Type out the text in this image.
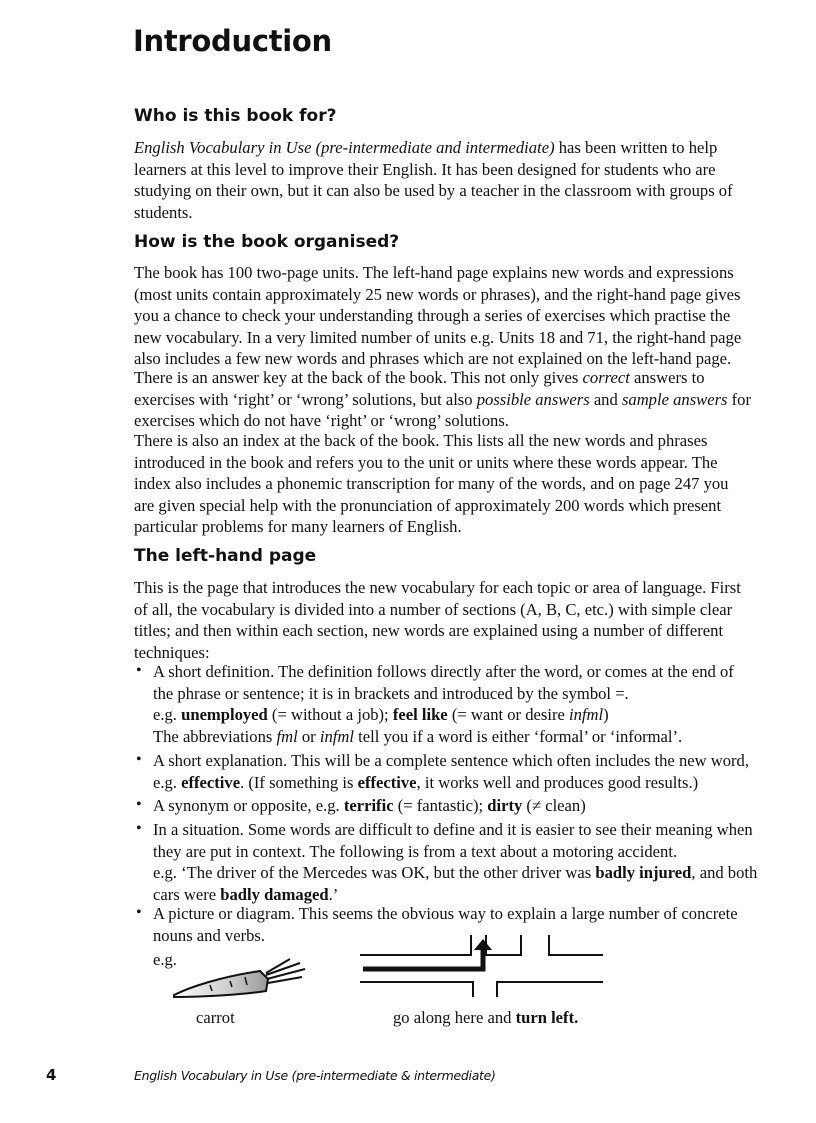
Introduction
Who is this book for?
English Vocabulary in Use (pre-intermediate and intermediate) has been written to help
learners at this level to improve their English. It has been designed for students who are
studying on their own, but it can also be used by a teacher in the classroom with groups of
students.
How is the book organised?
The book has 100 two-page units. The left-hand page explains new words and expressions
(most units contain approximately 25 new words or phrases), and the right-hand page gives
you a chance to check your understanding through a series of exercises which practise the
new vocabulary. In a very limited number of units e.g. Units 18 and 71, the right-hand page
also includes a few new words and phrases which are not explained on the left-hand page.
There is an answer key at the back of the book. This not only gives correct answers to
exercises with ‘right’ or ‘wrong’ solutions, but also possible answers and sample answers for
exercises which do not have ‘right’ or ‘wrong’ solutions.
There is also an index at the back of the book. This lists all the new words and phrases
introduced in the book and refers you to the unit or units where these words appear. The
index also includes a phonemic transcription for many of the words, and on page 247 you
are given special help with the pronunciation of approximately 200 words which present
particular problems for many learners of English.
The left-hand page
This is the page that introduces the new vocabulary for each topic or area of language. First
of all, the vocabulary is divided into a number of sections (A, B, C, etc.) with simple clear
titles; and then within each section, new words are explained using a number of different
techniques:
• A short definition. The definition follows directly after the word, or comes at the end of
the phrase or sentence; it is in brackets and introduced by the symbol =.
e.g. unemployed (= without a job); feel like (= want or desire infml)
The abbreviations fml or infml tell you if a word is either ‘formal’ or ‘informal’.
• A short explanation. This will be a complete sentence which often includes the new word,
e.g. effective. (If something is effective, it works well and produces good results.)
• A synonym or opposite, e.g. terrific (= fantastic); dirty (≠ clean)
• In a situation. Some words are difficult to define and it is easier to see their meaning when
they are put in context. The following is from a text about a motoring accident.
e.g. ‘The driver of the Mercedes was OK, but the other driver was badly injured, and both
cars were badly damaged.’
• A picture or diagram. This seems the obvious way to explain a large number of concrete
nouns and verbs.
e.g.
carrot	go along here and turn left.
4	English Vocabulary in Use (pre-intermediate & intermediate)
